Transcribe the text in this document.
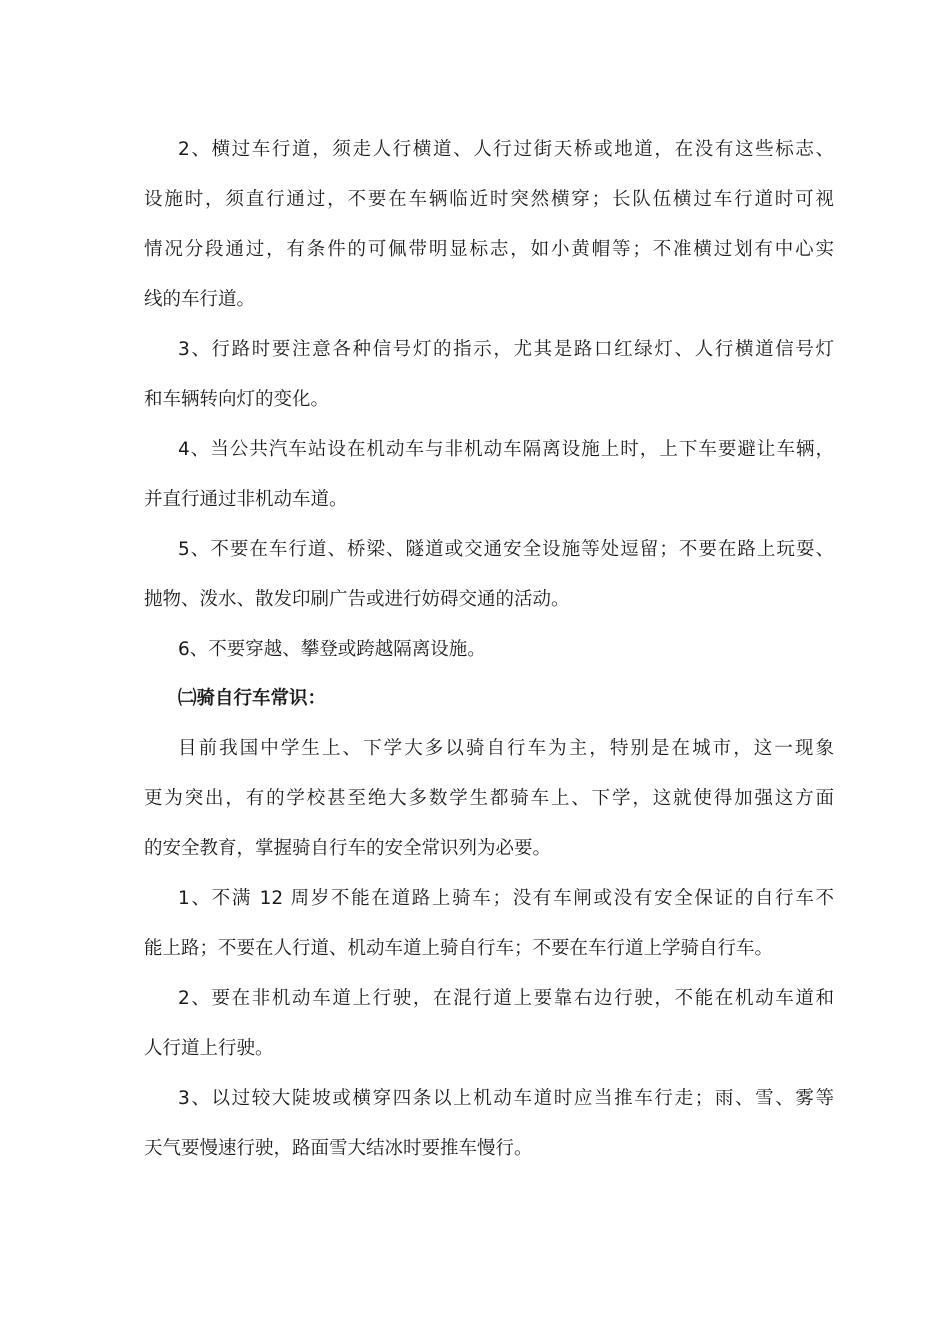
2、横过车行道，须走人行横道、人行过街天桥或地道，在没有这些标志、
设施时，须直行通过，不要在车辆临近时突然横穿；长队伍横过车行道时可视
情况分段通过，有条件的可佩带明显标志，如小黄帽等；不准横过划有中心实
线的车行道。
3、行路时要注意各种信号灯的指示，尤其是路口红绿灯、人行横道信号灯
和车辆转向灯的变化。
4、当公共汽车站设在机动车与非机动车隔离设施上时，上下车要避让车辆，
并直行通过非机动车道。
5、不要在车行道、桥梁、隧道或交通安全设施等处逗留；不要在路上玩耍、
抛物、泼水、散发印刷广告或进行妨碍交通的活动。
6、不要穿越、攀登或跨越隔离设施。
㈡骑自行车常识：
目前我国中学生上、下学大多以骑自行车为主，特别是在城市，这一现象
更为突出，有的学校甚至绝大多数学生都骑车上、下学，这就使得加强这方面
的安全教育，掌握骑自行车的安全常识列为必要。
1、不满 12 周岁不能在道路上骑车；没有车闸或没有安全保证的自行车不
能上路；不要在人行道、机动车道上骑自行车；不要在车行道上学骑自行车。
2、要在非机动车道上行驶，在混行道上要靠右边行驶，不能在机动车道和
人行道上行驶。
3、以过较大陡坡或横穿四条以上机动车道时应当推车行走；雨、雪、雾等
天气要慢速行驶，路面雪大结冰时要推车慢行。
